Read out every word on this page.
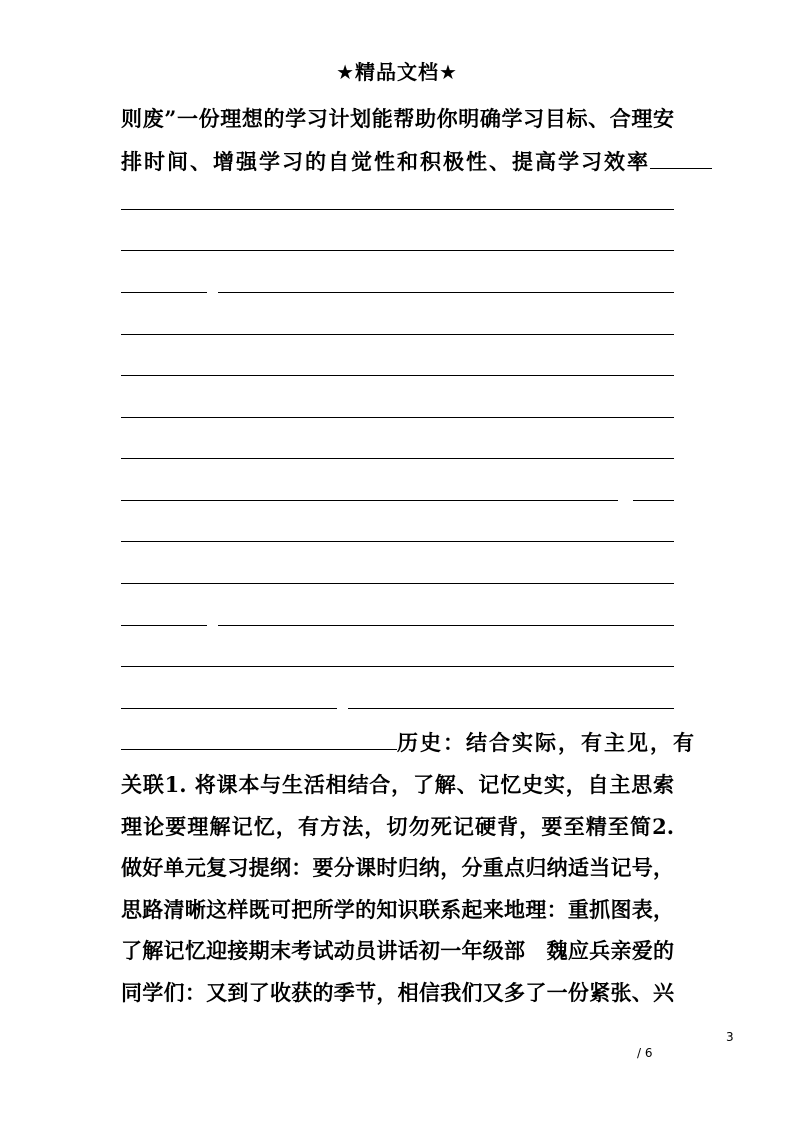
★精品文档★
则废”一份理想的学习计划能帮助你明确学习目标、合理安
排时间、增强学习的自觉性和积极性、提高学习效率
历史：结合实际，有主见，有
关联1. 将课本与生活相结合，了解、记忆史实，自主思索
理论要理解记忆，有方法，切勿死记硬背，要至精至简2.
做好单元复习提纲：要分课时归纳，分重点归纳适当记号，
思路清晰这样既可把所学的知识联系起来地理：重抓图表，
了解记忆迎接期末考试动员讲话初一年级部　魏应兵亲爱的
同学们：又到了收获的季节，相信我们又多了一份紧张、兴
3
/ 6
